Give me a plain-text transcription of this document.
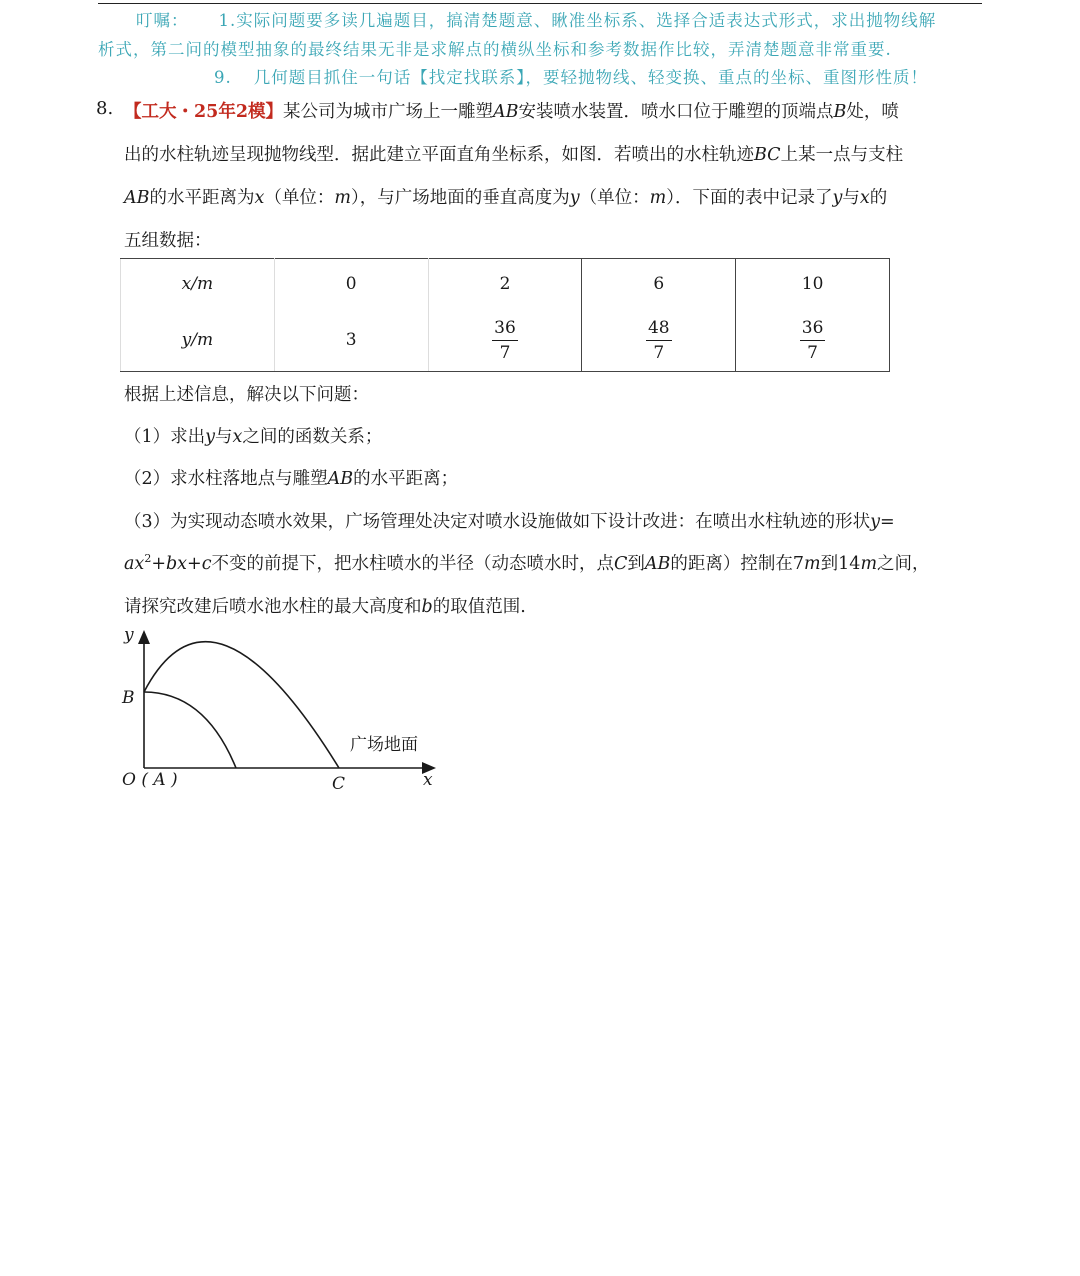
叮嘱： 1.实际问题要多读几遍题目，搞清楚题意、瞅准坐标系、选择合适表达式形式，求出抛物线解
析式，第二问的模型抽象的最终结果无非是求解点的横纵坐标和参考数据作比较，弄清楚题意非常重要.
9. 几何题目抓住一句话【找定找联系】，要轻抛物线、轻变换、重点的坐标、重图形性质！
8. 【工大・25年2模】某公司为城市广场上一雕塑AB安装喷水装置．喷水口位于雕塑的顶端点B处，喷
出的水柱轨迹呈现抛物线型．据此建立平面直角坐标系，如图．若喷出的水柱轨迹BC上某一点与支柱
AB的水平距离为x（单位：m），与广场地面的垂直高度为y（单位：m）．下面的表中记录了y与x的
五组数据：
x/m	0	2	6	10
y/m	3	$\frac{36}{7}$	$\frac{48}{7}$	$\frac{36}{7}$
根据上述信息，解决以下问题：
（1）求出y与x之间的函数关系；
（2）求水柱落地点与雕塑AB的水平距离；
（3）为实现动态喷水效果，广场管理处决定对喷水设施做如下设计改进：在喷出水柱轨迹的形状y=
$ax^2+bx+c$不变的前提下，把水柱喷水的半径（动态喷水时，点C到AB的距离）控制在7m到14m之间，
请探究改建后喷水池水柱的最大高度和b的取值范围.
y
x
B
O ( A )	C
广场地面
